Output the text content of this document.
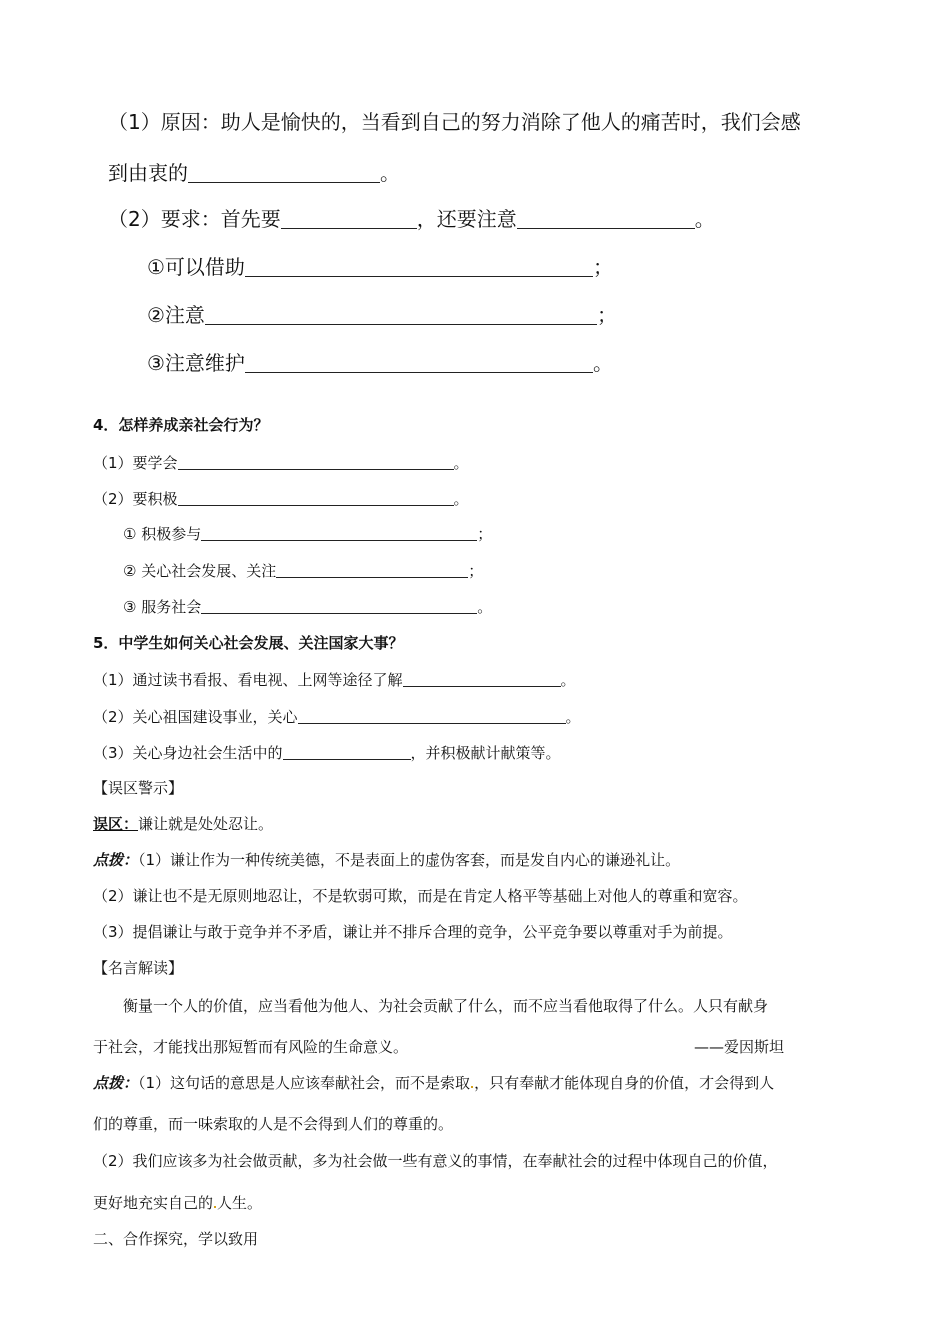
（1）原因：助人是愉快的，当看到自己的努力消除了他人的痛苦时，我们会感
到由衷的	。
（2）要求：首先要	，还要注意	。
①可以借助	；
②注意	；
③注意维护	。
4．怎样养成亲社会行为？
（1）要学会	。
（2）要积极	。
① 积极参与	；
② 关心社会发展、关注	；
③ 服务社会	。
5．中学生如何关心社会发展、关注国家大事？
（1）通过读书看报、看电视、上网等途径了解	。
（2）关心祖国建设事业，关心	。
（3）关心身边社会生活中的	，并积极献计献策等。
【误区警示】
误区：谦让就是处处忍让。
点拨：（1）谦让作为一种传统美德，不是表面上的虚伪客套，而是发自内心的谦逊礼让。
（2）谦让也不是无原则地忍让，不是软弱可欺，而是在肯定人格平等基础上对他人的尊重和宽容。
（3）提倡谦让与敢于竞争并不矛盾，谦让并不排斥合理的竞争，公平竞争要以尊重对手为前提。
【名言解读】
衡量一个人的价值，应当看他为他人、为社会贡献了什么，而不应当看他取得了什么。人只有献身
于社会，才能找出那短暂而有风险的生命意义。	——爱因斯坦
点拨：（1）这句话的意思是人应该奉献社会，而不是索取 ，只有奉献才能体现自身的价值，才会得到人
们的尊重，而一味索取的人是不会得到人们的尊重的。
（2）我们应该多为社会做贡献，多为社会做一些有意义的事情，在奉献社会的过程中体现自己的价值，
更好地充实自己的 人生。
二、合作探究，学以致用
